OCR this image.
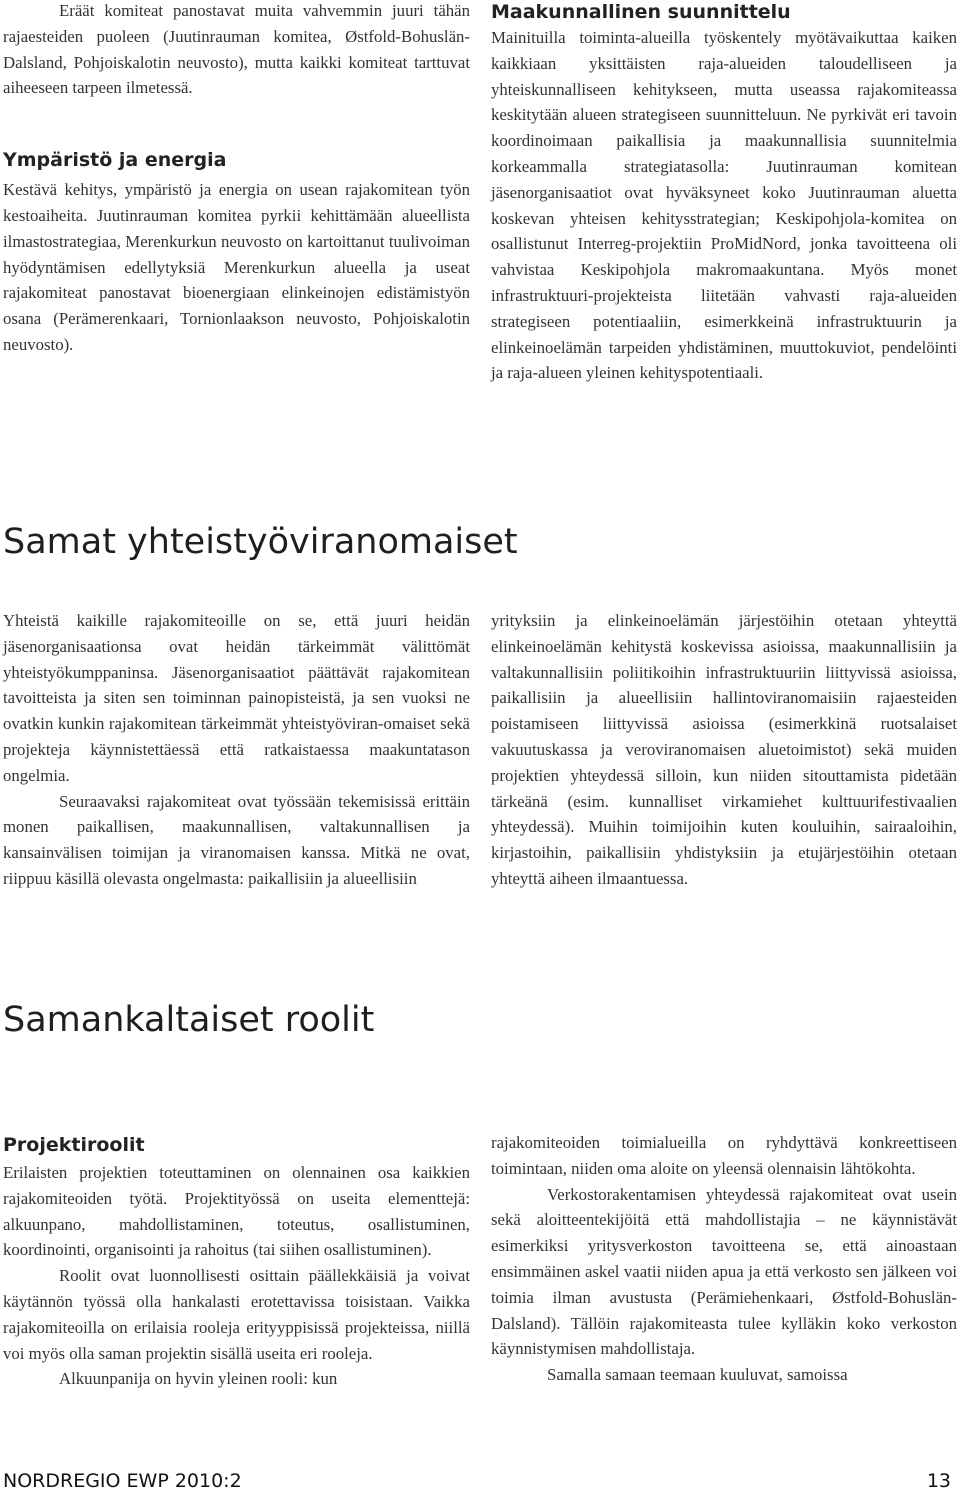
Eräät komiteat panostavat muita vahvemmin juuri tähän rajaesteiden puoleen (Juutinrauman komitea, Østfold-Bohuslän-Dalsland, Pohjoiskalotin neuvosto), mutta kaikki komiteat tarttuvat aiheeseen tarpeen ilmetessä.

Ympäristö ja energia

Kestävä kehitys, ympäristö ja energia on usean rajakomitean työn kestoaiheita. Juutinrauman komitea pyrkii kehittämään alueellista ilmastostrategiaa, Merenkurkun neuvosto on kartoittanut tuulivoiman hyödyntämisen edellytyksiä Merenkurkun alueella ja useat rajakomiteat panostavat bioenergiaan elinkeinojen edistämistyön osana (Perämerenkaari, Tornionlaakson neuvosto, Pohjoiskalotin neuvosto).

Maakunnallinen suunnittelu

Mainituilla toiminta-alueilla työskentely myötävaikuttaa kaiken kaikkiaan yksittäisten raja-alueiden taloudelliseen ja yhteiskunnalliseen kehitykseen, mutta useassa rajakomiteassa keskitytään alueen strategiseen suunnitteluun. Ne pyrkivät eri tavoin koordinoimaan paikallisia ja maakunnallisia suunnitelmia korkeammalla strategiatasolla: Juutinrauman komitean jäsenorganisaatiot ovat hyväksyneet koko Juutinrauman aluetta koskevan yhteisen kehitysstrategian; Keskipohjola-komitea on osallistunut Interreg-projektiin ProMidNord, jonka tavoitteena oli vahvistaa Keskipohjola makromaakuntana. Myös monet infrastruktuuri-projekteista liitetään vahvasti raja-alueiden strategiseen potentiaaliin, esimerkkeinä infrastruktuurin ja elinkeinoelämän tarpeiden yhdistäminen, muuttokuviot, pendelöinti ja raja-alueen yleinen kehityspotentiaali.

Samat yhteistyöviranomaiset

Yhteistä kaikille rajakomiteoille on se, että juuri heidän jäsenorganisaationsa ovat heidän tärkeimmät välittömät yhteistyökumppaninsa. Jäsenorganisaatiot päättävät rajakomitean tavoitteista ja siten sen toiminnan painopisteistä, ja sen vuoksi ne ovatkin kunkin rajakomitean tärkeimmät yhteistyöviran-omaiset sekä projekteja käynnistettäessä että ratkaistaessa maakuntatason ongelmia.

Seuraavaksi rajakomiteat ovat työssään tekemisissä erittäin monen paikallisen, maakunnallisen, valtakunnallisen ja kansainvälisen toimijan ja viranomaisen kanssa. Mitkä ne ovat, riippuu käsillä olevasta ongelmasta: paikallisiin ja alueellisiin

yrityksiin ja elinkeinoelämän järjestöihin otetaan yhteyttä elinkeinoelämän kehitystä koskevissa asioissa, maakunnallisiin ja valtakunnallisiin poliitikoihin infrastruktuuriin liittyvissä asioissa, paikallisiin ja alueellisiin hallintoviranomaisiin rajaesteiden poistamiseen liittyvissä asioissa (esimerkkinä ruotsalaiset vakuutuskassa ja veroviranomaisen aluetoimistot) sekä muiden projektien yhteydessä silloin, kun niiden sitouttamista pidetään tärkeänä (esim. kunnalliset virkamiehet kulttuurifestivaalien yhteydessä). Muihin toimijoihin kuten kouluihin, sairaaloihin, kirjastoihin, paikallisiin yhdistyksiin ja etujärjestöihin otetaan yhteyttä aiheen ilmaantuessa.

Samankaltaiset roolit
Projektiroolit

Erilaisten projektien toteuttaminen on olennainen osa kaikkien rajakomiteoiden työtä. Projektityössä on useita elementtejä: alkuunpano, mahdollistaminen, toteutus, osallistuminen, koordinointi, organisointi ja rahoitus (tai siihen osallistuminen).

Roolit ovat luonnollisesti osittain päällekkäisiä ja voivat käytännön työssä olla hankalasti erotettavissa toisistaan. Vaikka rajakomiteoilla on erilaisia rooleja erityyppisissä projekteissa, niillä voi myös olla saman projektin sisällä useita eri rooleja.

Alkuunpanija on hyvin yleinen rooli: kun

rajakomiteoiden toimialueilla on ryhdyttävä konkreettiseen toimintaan, niiden oma aloite on yleensä olennaisin lähtökohta.

Verkostorakentamisen yhteydessä rajakomiteat ovat usein sekä aloitteentekijöitä että mahdollistajia – ne käynnistävät esimerkiksi yritysverkoston tavoitteena se, että ainoastaan ensimmäinen askel vaatii niiden apua ja että verkosto sen jälkeen voi toimia ilman avustusta (Perämiehenkaari, Østfold-Bohuslän-Dalsland). Tällöin rajakomiteasta tulee kylläkin koko verkoston käynnistymisen mahdollistaja.

Samalla samaan teemaan kuuluvat, samoissa

NORDREGIO EWP 2010:2	13
